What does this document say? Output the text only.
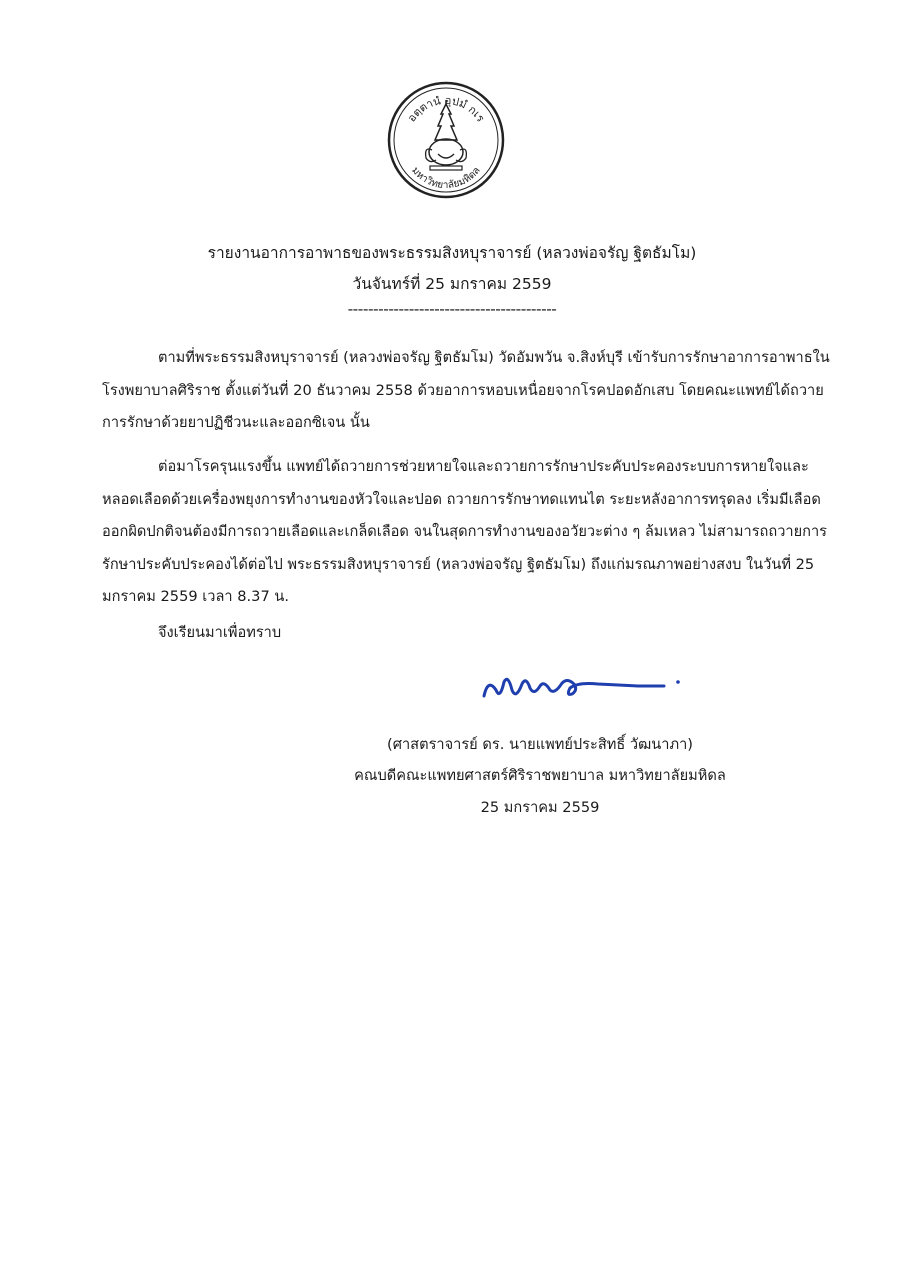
อตฺตานํ อุปมํ กเร
มหาวิทยาลัยมหิดล
รายงานอาการอาพาธของพระธรรมสิงหบุราจารย์ (หลวงพ่อจรัญ ฐิตธัมโม)
วันจันทร์ที่ 25 มกราคม 2559
-----------------------------------------

ตามที่พระธรรมสิงหบุราจารย์ (หลวงพ่อจรัญ ฐิตธัมโม) วัดอัมพวัน จ.สิงห์บุรี เข้ารับการรักษาอาการอาพาธในโรงพยาบาลศิริราช ตั้งแต่วันที่ 20 ธันวาคม 2558 ด้วยอาการหอบเหนื่อยจากโรคปอดอักเสบ โดยคณะแพทย์ได้ถวายการรักษาด้วยยาปฏิชีวนะและออกซิเจน นั้น

ต่อมาโรครุนแรงขึ้น แพทย์ได้ถวายการช่วยหายใจและถวายการรักษาประคับประคองระบบการหายใจและหลอดเลือดด้วยเครื่องพยุงการทำงานของหัวใจและปอด ถวายการรักษาทดแทนไต ระยะหลังอาการทรุดลง เริ่มมีเลือดออกผิดปกติจนต้องมีการถวายเลือดและเกล็ดเลือด จนในสุดการทำงานของอวัยวะต่าง ๆ ล้มเหลว ไม่สามารถถวายการรักษาประคับประคองได้ต่อไป พระธรรมสิงหบุราจารย์ (หลวงพ่อจรัญ ฐิตธัมโม) ถึงแก่มรณภาพอย่างสงบ ในวันที่ 25 มกราคม 2559 เวลา 8.37 น.

จึงเรียนมาเพื่อทราบ

(ศาสตราจารย์ ดร. นายแพทย์ประสิทธิ์ วัฒนาภา)
คณบดีคณะแพทยศาสตร์ศิริราชพยาบาล มหาวิทยาลัยมหิดล
25 มกราคม 2559
